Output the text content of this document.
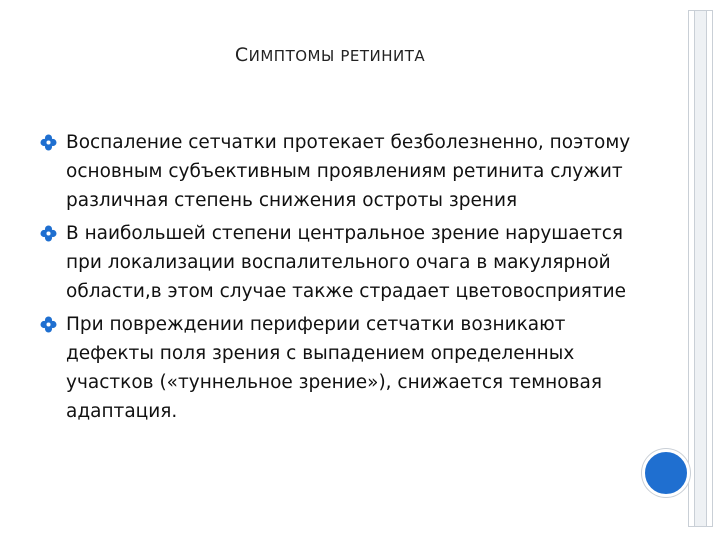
СИМПТОМЫ РЕТИНИТА
Воспаление сетчатки протекает безболезненно, поэтому основным субъективным проявлениям ретинита служит различная степень снижения остроты зрения
В наибольшей степени центральное зрение нарушается при локализации воспалительного очага в макулярной области,в этом случае также страдает цветовосприятие
При повреждении периферии сетчатки возникают дефекты поля зрения с выпадением определенных участков («туннельное зрение»), снижается темновая адаптация.
